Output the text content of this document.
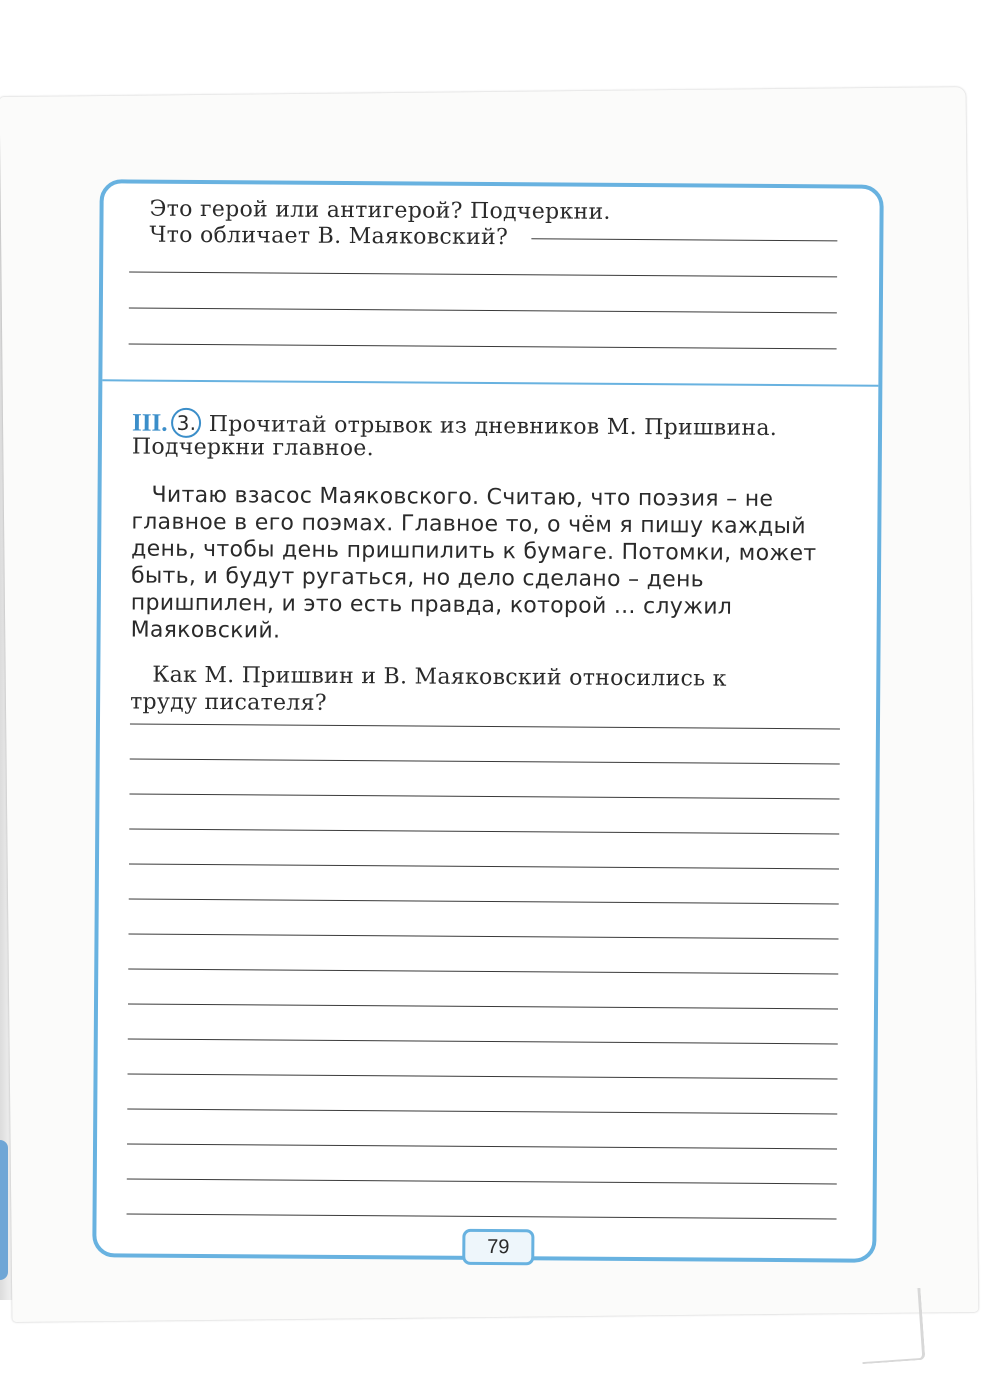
Это герой или антигерой? Подчеркни.

Что обличает В. Маяковский?

III. 3. Прочитай отрывок из дневников М. Пришвина.

Подчеркни главное.

Читаю взасос Маяковского. Считаю, что поэзия – не

главное в его поэмах. Главное то, о чём я пишу каждый

день, чтобы день пришпилить к бумаге. Потомки, может

быть, и будут ругаться, но дело сделано – день

пришпилен, и это есть правда, которой ... служил

Маяковский.

Как М. Пришвин и В. Маяковский относились к

труду писателя?

79
